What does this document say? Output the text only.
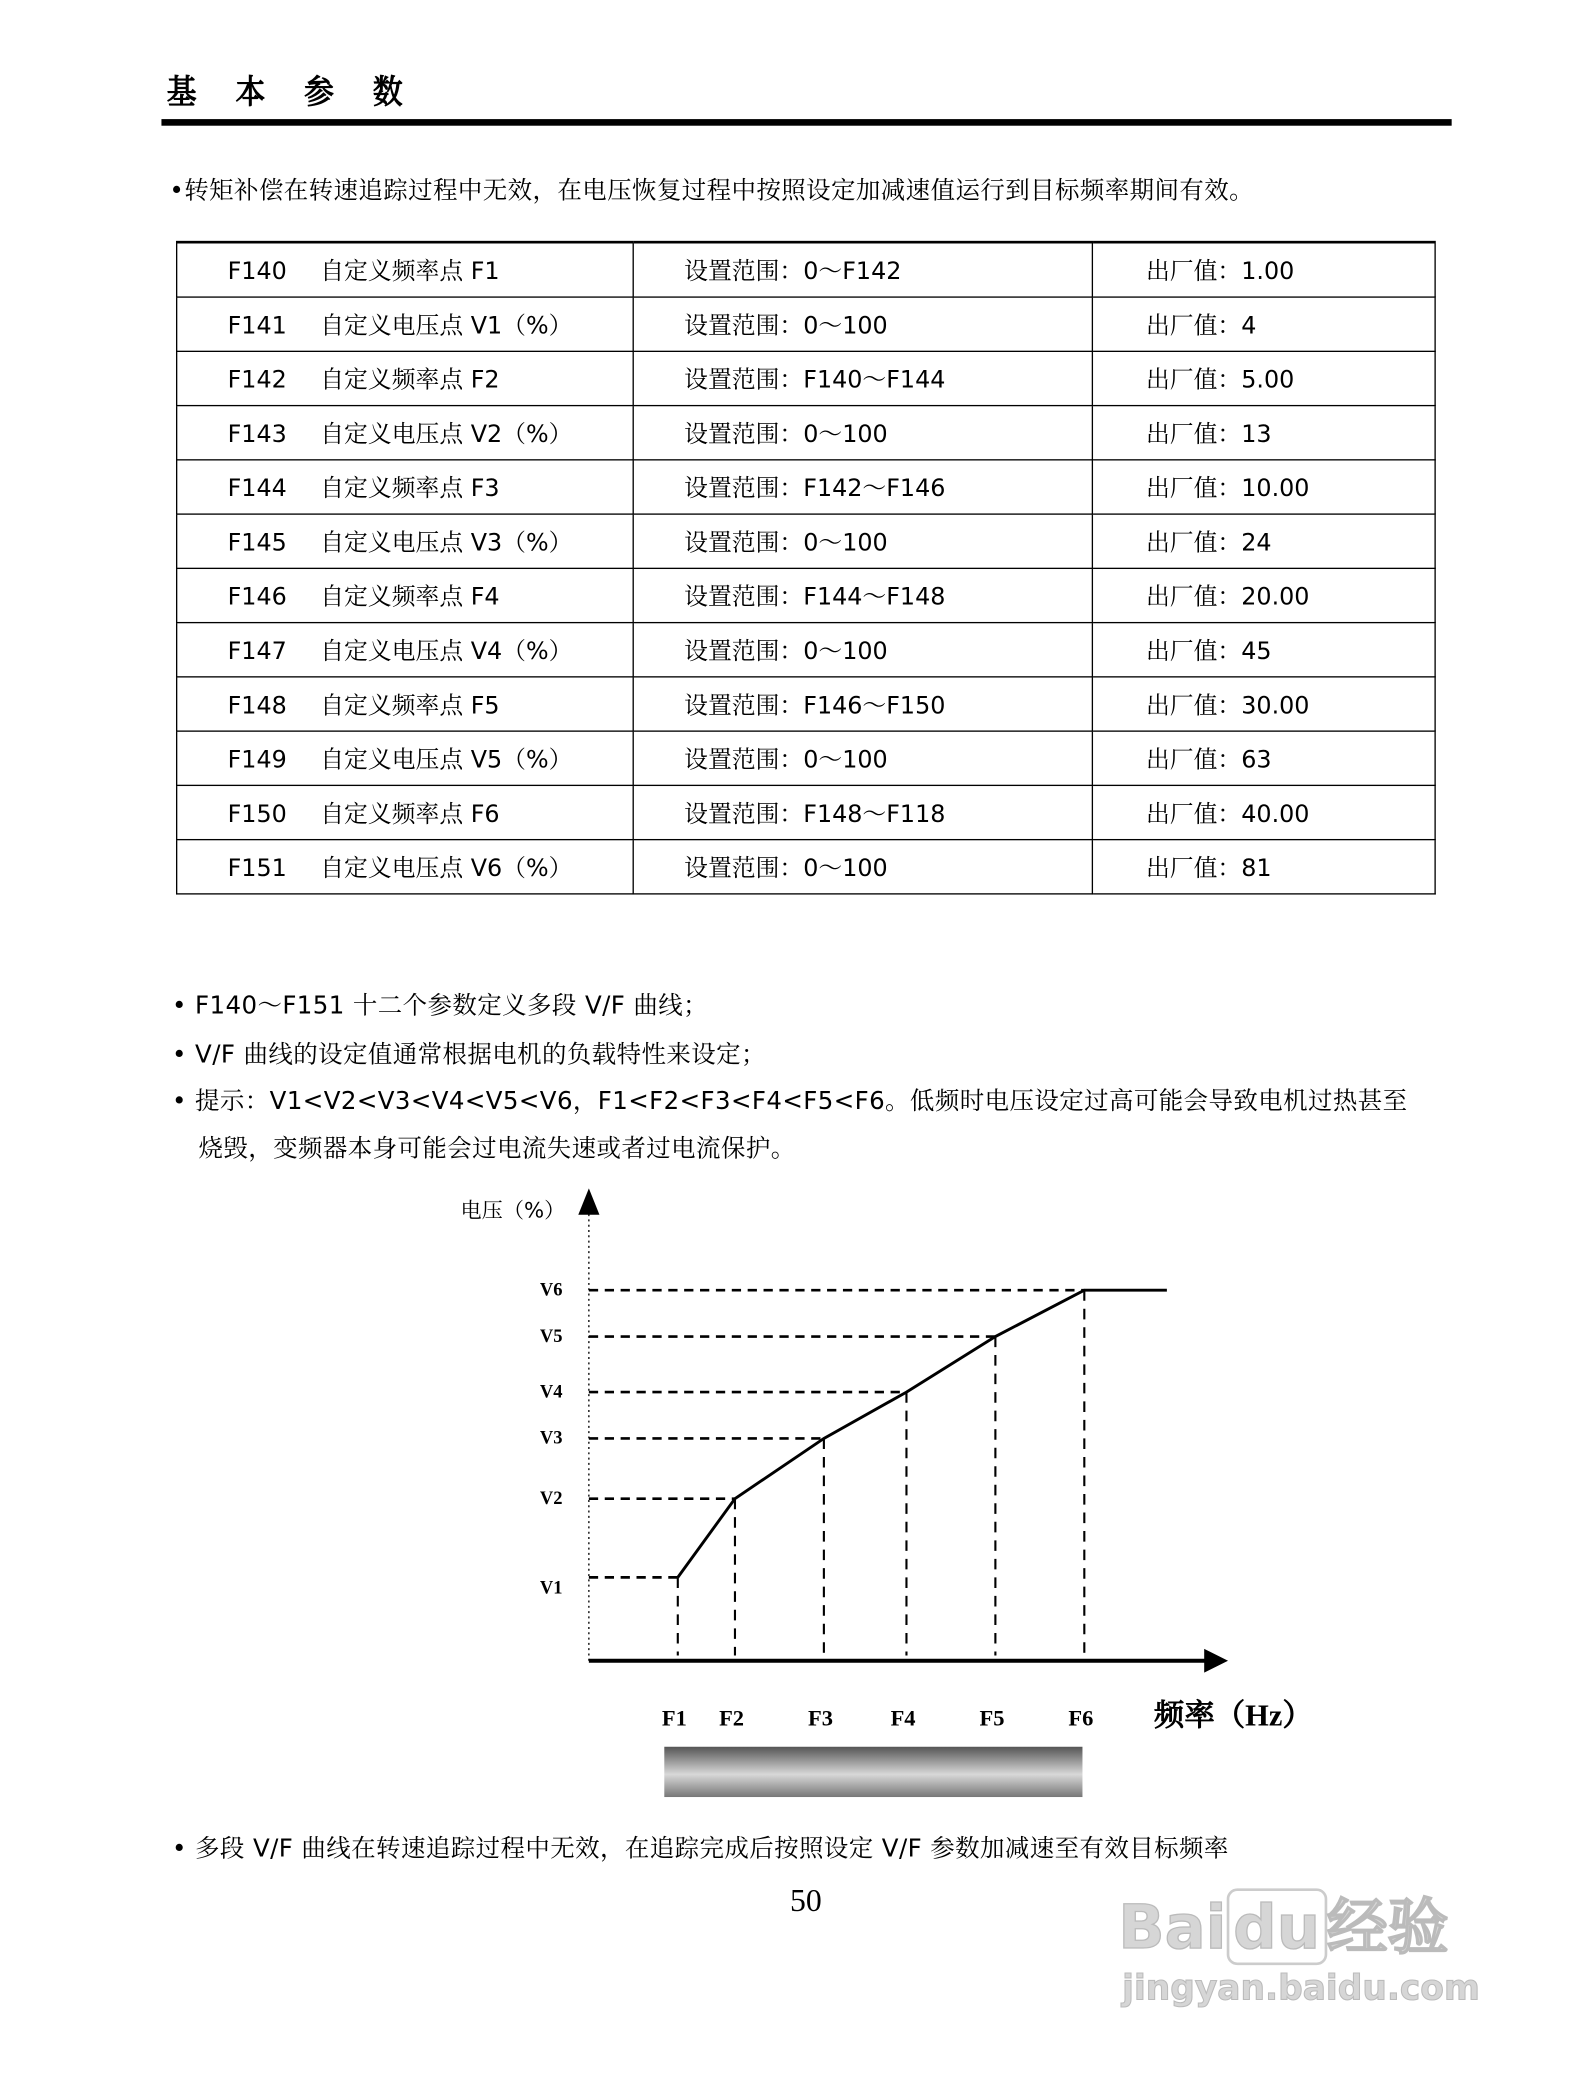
基 本 参 数
•转矩补偿在转速追踪过程中无效，在电压恢复过程中按照设定加减速值运行到目标频率期间有效。
F140 自定义频率点 F1	设置范围：0～F142	出厂值：1.00
F141 自定义电压点 V1（%）	设置范围：0～100	出厂值：4
F142 自定义频率点 F2	设置范围：F140～F144	出厂值：5.00
F143 自定义电压点 V2（%）	设置范围：0～100	出厂值：13
F144 自定义频率点 F3	设置范围：F142～F146	出厂值：10.00
F145 自定义电压点 V3（%）	设置范围：0～100	出厂值：24
F146 自定义频率点 F4	设置范围：F144～F148	出厂值：20.00
F147 自定义电压点 V4（%）	设置范围：0～100	出厂值：45
F148 自定义频率点 F5	设置范围：F146～F150	出厂值：30.00
F149 自定义电压点 V5（%）	设置范围：0～100	出厂值：63
F150 自定义频率点 F6	设置范围：F148～F118	出厂值：40.00
F151 自定义电压点 V6（%）	设置范围：0～100	出厂值：81
• F140～F151 十二个参数定义多段 V/F 曲线；
• V/F 曲线的设定值通常根据电机的负载特性来设定；
• 提示：V1<V2<V3<V4<V5<V6，F1<F2<F3<F4<F5<F6。低频时电压设定过高可能会导致电机过热甚至
烧毁，变频器本身可能会过电流失速或者过电流保护。
V1
F1
V2
F2
V3
F3
V4
F4
V5
F5
V6
F6
电压（%）
频率（Hz）
• 多段 V/F 曲线在转速追踪过程中无效，在追踪完成后按照设定 V/F 参数加减速至有效目标频率
50	Bai du 经验
jingyan.baidu.com
